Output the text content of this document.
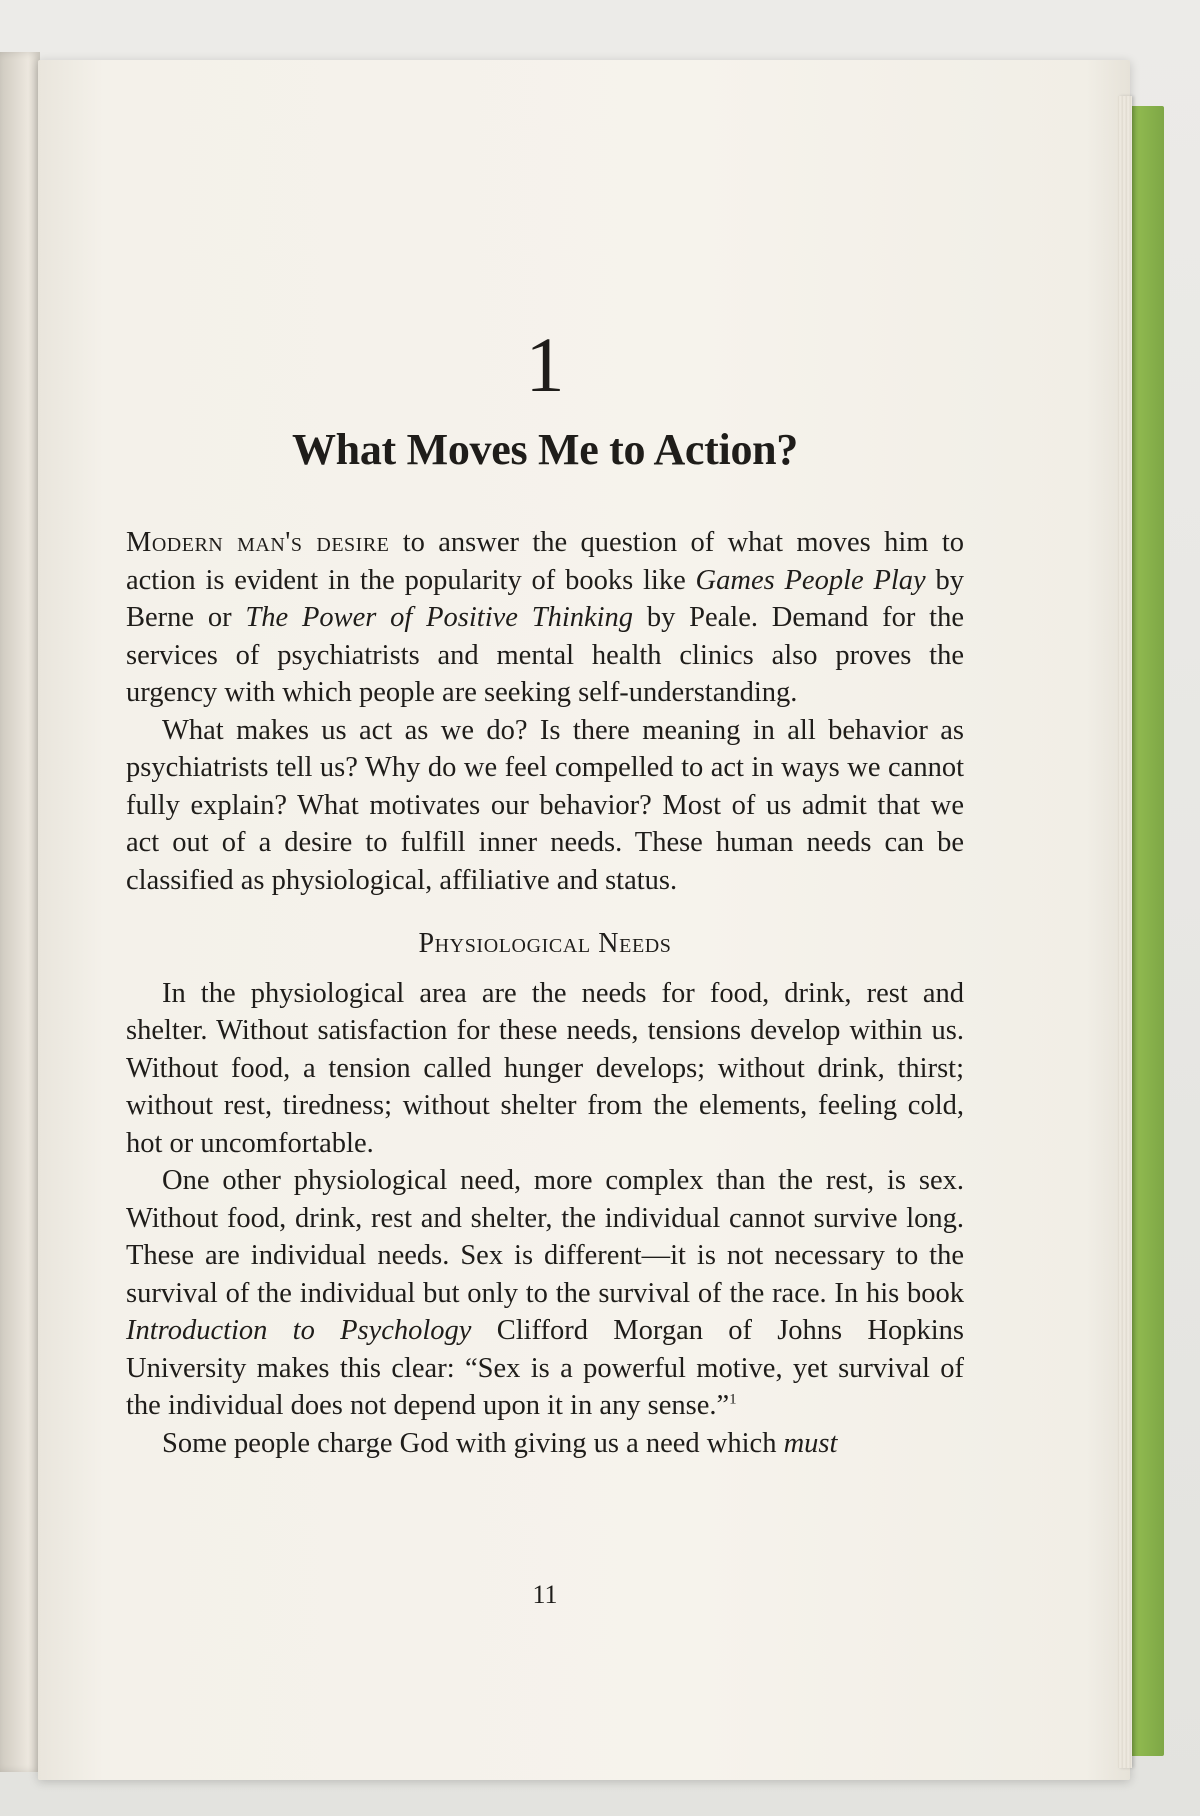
1
What Moves Me to Action?

Modern man's desire to answer the question of what moves him to action is evident in the popularity of books like Games People Play by Berne or The Power of Positive Thinking by Peale. Demand for the services of psychiatrists and mental health clinics also proves the urgency with which people are seeking self-understanding.

What makes us act as we do? Is there meaning in all behavior as psychiatrists tell us? Why do we feel compelled to act in ways we cannot fully explain? What motivates our behavior? Most of us admit that we act out of a desire to fulfill inner needs. These human needs can be classified as physiological, affiliative and status.

Physiological Needs

In the physiological area are the needs for food, drink, rest and shelter. Without satisfaction for these needs, tensions develop within us. Without food, a tension called hunger develops; without drink, thirst; without rest, tiredness; without shelter from the elements, feeling cold, hot or uncomfortable.

One other physiological need, more complex than the rest, is sex. Without food, drink, rest and shelter, the individual cannot survive long. These are individual needs. Sex is different—it is not necessary to the survival of the individual but only to the survival of the race. In his book Introduction to Psychology Clifford Morgan of Johns Hopkins University makes this clear: “Sex is a powerful motive, yet survival of the individual does not depend upon it in any sense.”$^1$

Some people charge God with giving us a need which must

11
